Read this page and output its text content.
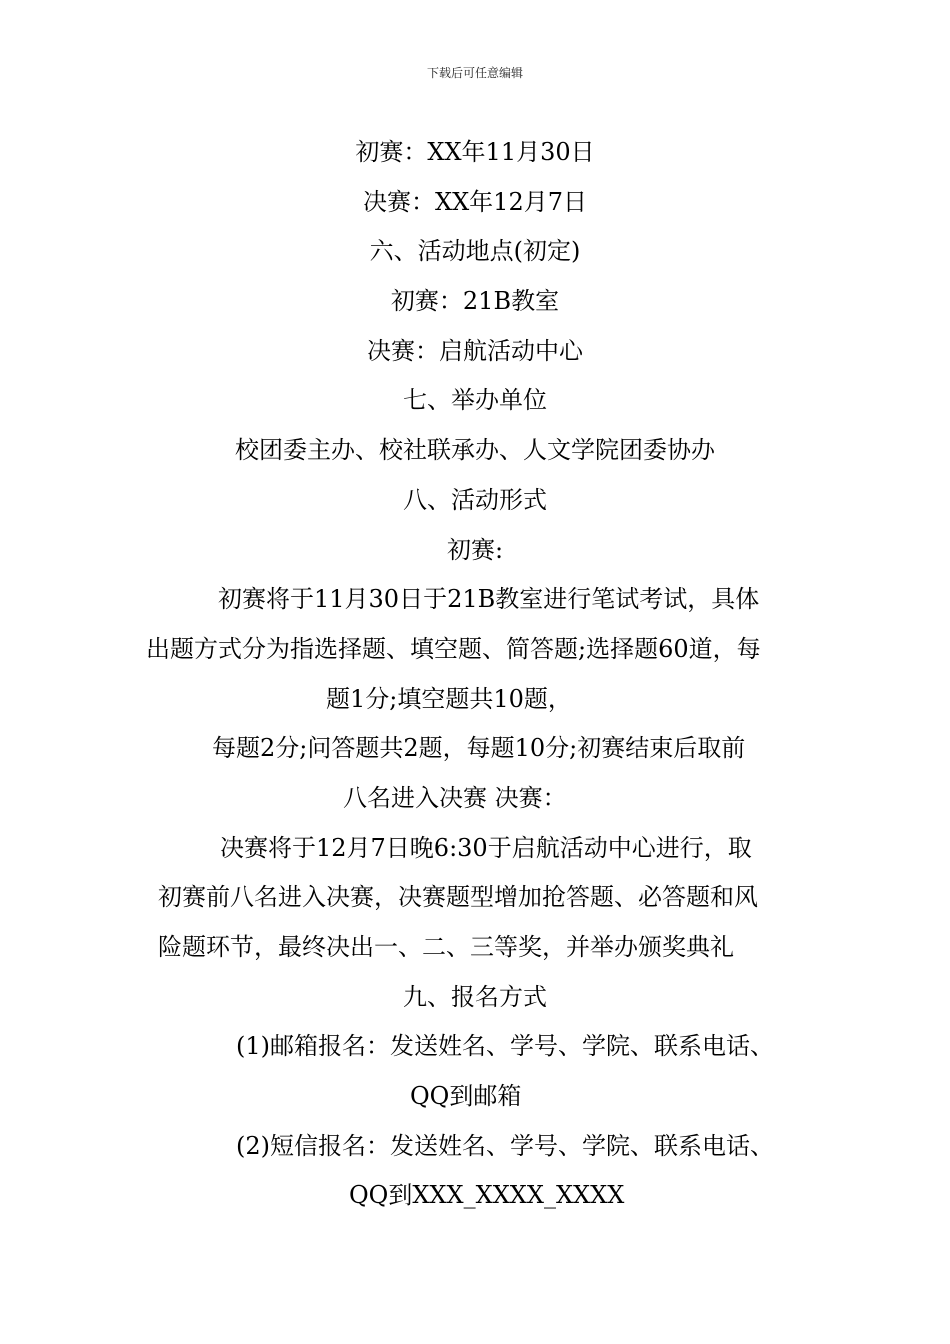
下载后可任意编辑
初赛：XX年11月30日
决赛：XX年12月7日
六、活动地点(初定)
初赛：21B教室
决赛：启航活动中心
七、举办单位
校团委主办、校社联承办、人文学院团委协办
八、活动形式
初赛:
初赛将于11月30日于21B教室进行笔试考试，具体
出题方式分为指选择题、填空题、简答题;选择题60道，每
题1分;填空题共10题，
每题2分;问答题共2题，每题10分;初赛结束后取前
八名进入决赛 决赛：
决赛将于12月7日晚6:30于启航活动中心进行，取
初赛前八名进入决赛，决赛题型增加抢答题、必答题和风
险题环节，最终决出一、二、三等奖，并举办颁奖典礼
九、报名方式
(1)邮箱报名：发送姓名、学号、学院、联系电话、
QQ到邮箱
(2)短信报名：发送姓名、学号、学院、联系电话、
QQ到XXX_XXXX_XXXX
